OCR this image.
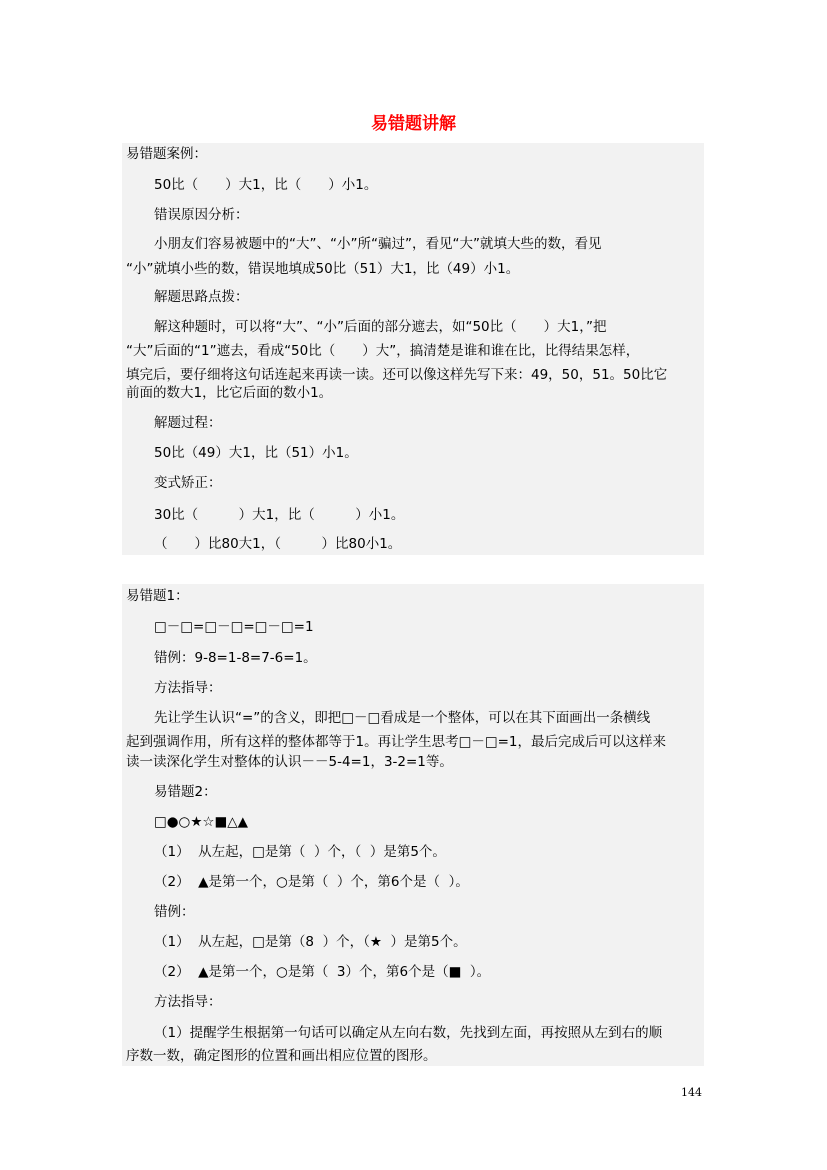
易错题讲解
易错题案例：
50比（　　）大1，比（　　）小1。
错误原因分析：
小朋友们容易被题中的“大”、“小”所“骗过”，看见“大”就填大些的数，看见
“小”就填小些的数，错误地填成50比（51）大1，比（49）小1。
解题思路点拨：
解这种题时，可以将“大”、“小”后面的部分遮去，如“50比（　　）大1，”把
“大”后面的“1”遮去，看成“50比（　　）大”，搞清楚是谁和谁在比，比得结果怎样，
填完后，要仔细将这句话连起来再读一读。还可以像这样先写下来：49，50，51。50比它
前面的数大1，比它后面的数小1。
解题过程：
50比（49）大1，比（51）小1。
变式矫正：
30比（　　　）大1，比（　　　）小1。
（　　）比80大1，（　　　）比80小1。
易错题1：
□－□=□－□=□－□=1
错例：9-8=1-8=7-6=1。
方法指导：
先让学生认识“=”的含义，即把□－□看成是一个整体，可以在其下面画出一条横线
起到强调作用，所有这样的整体都等于1。再让学生思考□－□=1，最后完成后可以这样来
读一读深化学生对整体的认识－－5-4=1，3-2=1等。
易错题2：
□●○★☆■△▲
（1）  从左起，□是第（  ）个，（  ）是第5个。
（2）  ▲是第一个，○是第（  ）个，第6个是（  ）。
错例：
（1）  从左起，□是第（8  ）个，（★  ）是第5个。
（2）  ▲是第一个，○是第（  3）个，第6个是（■  ）。
方法指导：
（1）提醒学生根据第一句话可以确定从左向右数，先找到左面，再按照从左到右的顺
序数一数，确定图形的位置和画出相应位置的图形。
144
